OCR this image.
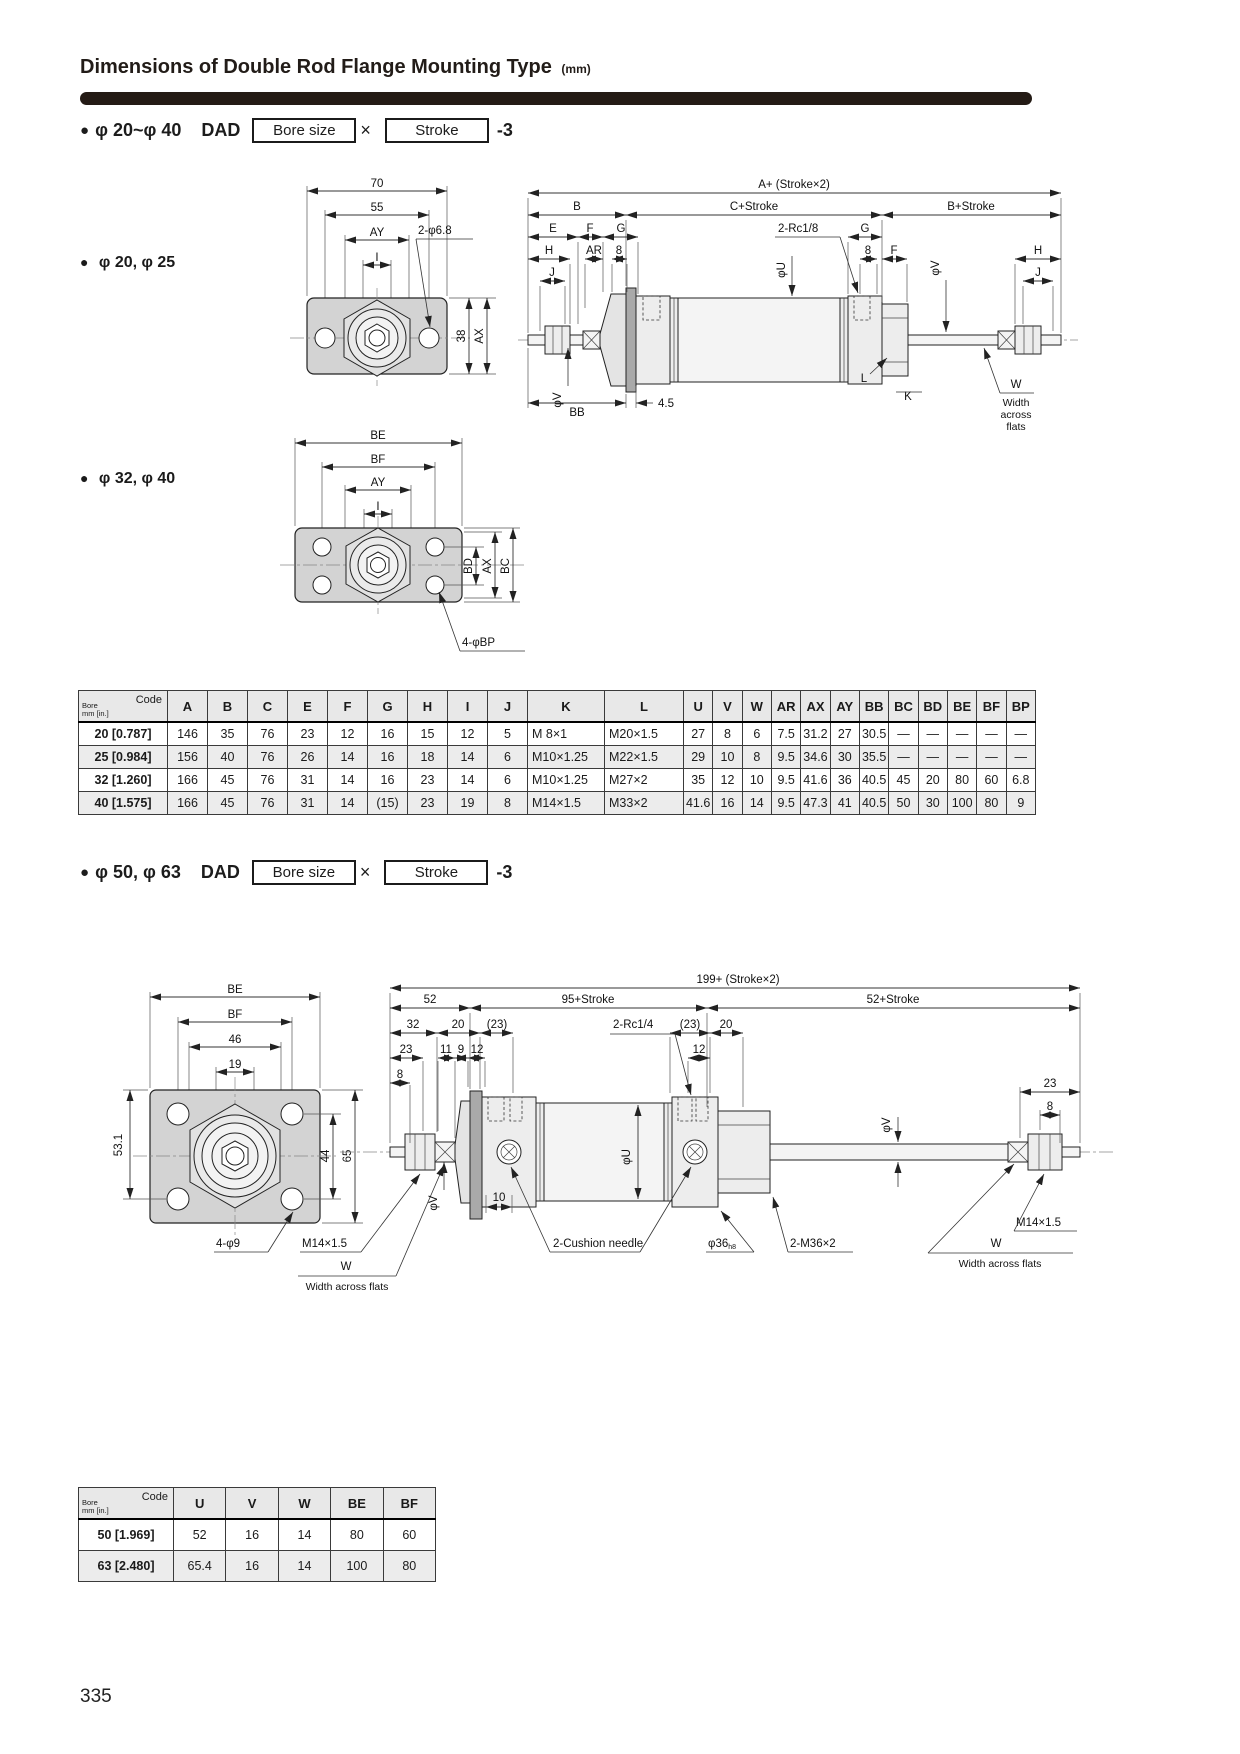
Dimensions of Double Rod Flange Mounting Type (mm)
● φ 20~φ 40 DAD	Bore size	×	Stroke	-3
● φ 20, φ 25
● φ 32, φ 40
70
55
AY
I
38 AX
2-φ6.8
A+ (Stroke×2)
B	C+Stroke	B+Stroke
E	F G	G
2-Rc1/8
H	AR 8	8 F	H
J	J
φU
φV
φV
BB
4.5
W
Width
across
flats
L
K
BE
BF
AY
I
BD AX BC
4-φBP
Code
Bore
mm [in.]	A	B	C	E	F	G	H	I	J	K	L	U	V	W	AR	AX	AY	BB	BC	BD	BE	BF	BP
20 [0.787]	146	35	76	23	12	16	15	12	5	M 8×1	M20×1.5	27	8	6	7.5	31.2	27	30.5	—	—	—	—	—
25 [0.984]	156	40	76	26	14	16	18	14	6	M10×1.25	M22×1.5	29	10	8	9.5	34.6	30	35.5	—	—	—	—	—
32 [1.260]	166	45	76	31	14	16	23	14	6	M10×1.25	M27×2	35	12	10	9.5	41.6	36	40.5	45	20	80	60	6.8
40 [1.575]	166	45	76	31	14	(15)	23	19	8	M14×1.5	M33×2	41.6	16	14	9.5	47.3	41	40.5	50	30	100	80	9
● φ 50, φ 63 DAD	Bore size	×	Stroke	-3
BE
BF
46
19
53.1	44 65
4-φ9	M14×1.5
W
Width across flats
199+ (Stroke×2)
52	95+Stroke	52+Stroke
32	20 (23)	2-Rc1/4 (23) 20
23 11 9 12	12
8
23
8
φV
φU
φV
10
2-Cushion needle	φ36h8	2-M36×2
M14×1.5
W
Width across flats
Code
Bore
mm [in.]	U	V	W	BE	BF
50 [1.969]	52	16	14	80	60
63 [2.480]	65.4	16	14	100	80
335
